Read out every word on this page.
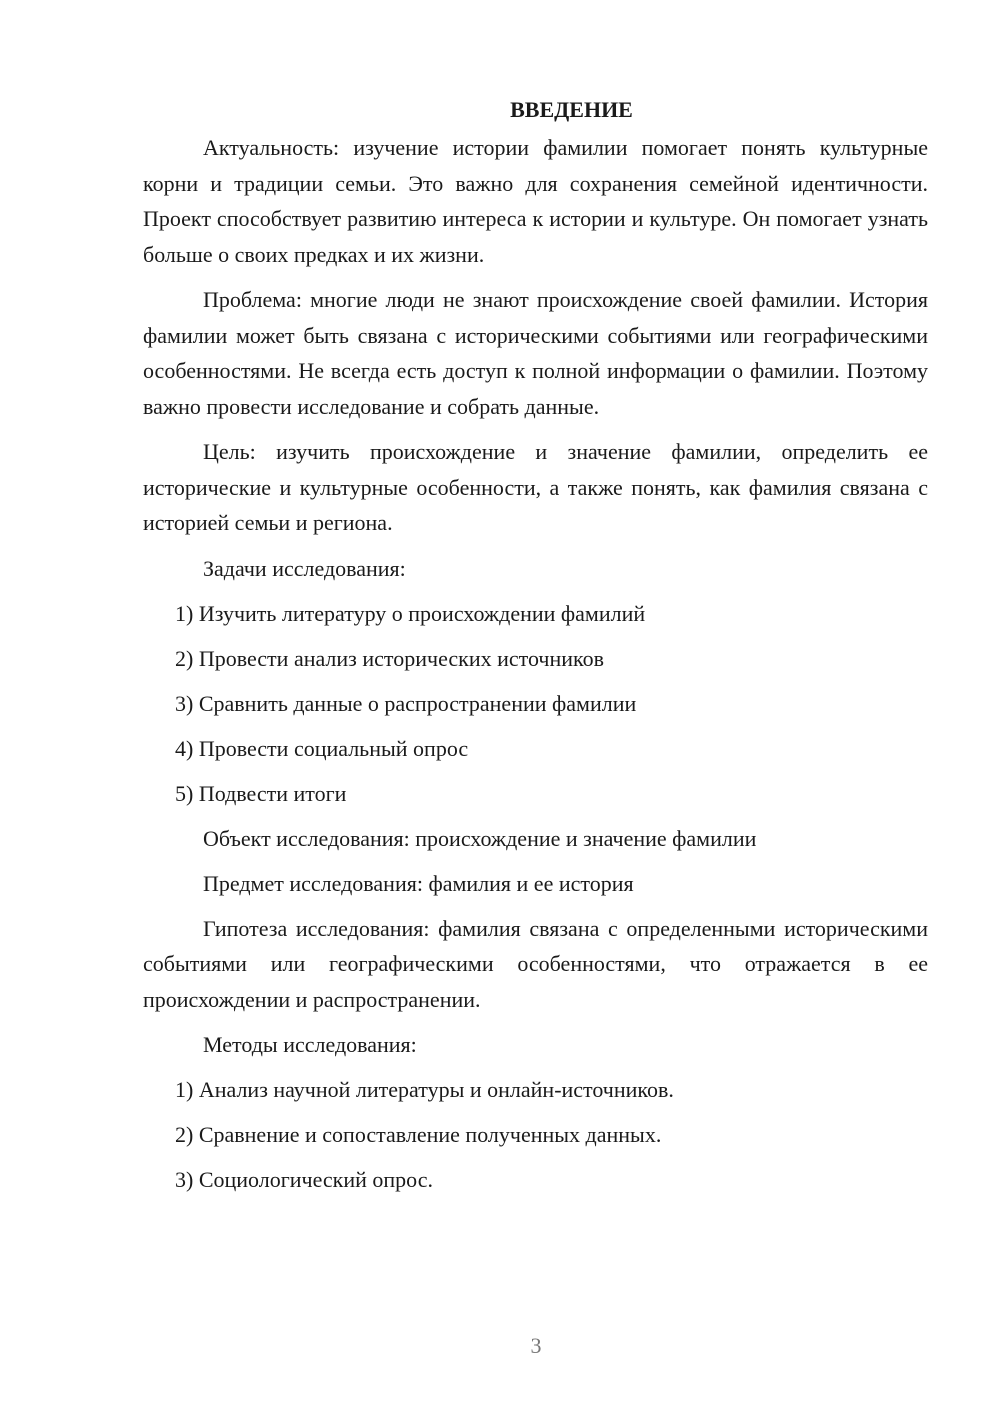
ВВЕДЕНИЕ

Актуальность: изучение истории фамилии помогает понять культурные корни и традиции семьи. Это важно для сохранения семейной идентичности. Проект способствует развитию интереса к истории и культуре. Он помогает узнать больше о своих предках и их жизни.

Проблема: многие люди не знают происхождение своей фамилии. История фамилии может быть связана с историческими событиями или географическими особенностями. Не всегда есть доступ к полной информации о фамилии. Поэтому важно провести исследование и собрать данные.

Цель: изучить происхождение и значение фамилии, определить ее исторические и культурные особенности, а также понять, как фамилия связана с историей семьи и региона.

Задачи исследования:
1) Изучить литературу о происхождении фамилий
2) Провести анализ исторических источников
3) Сравнить данные о распространении фамилии
4) Провести социальный опрос
5) Подвести итоги
Объект исследования: происхождение и значение фамилии
Предмет исследования: фамилия и ее история

Гипотеза исследования: фамилия связана с определенными историческими событиями или географическими особенностями, что отражается в ее происхождении и распространении.

Методы исследования:
1) Анализ научной литературы и онлайн-источников.
2) Сравнение и сопоставление полученных данных.
3) Социологический опрос.
3
